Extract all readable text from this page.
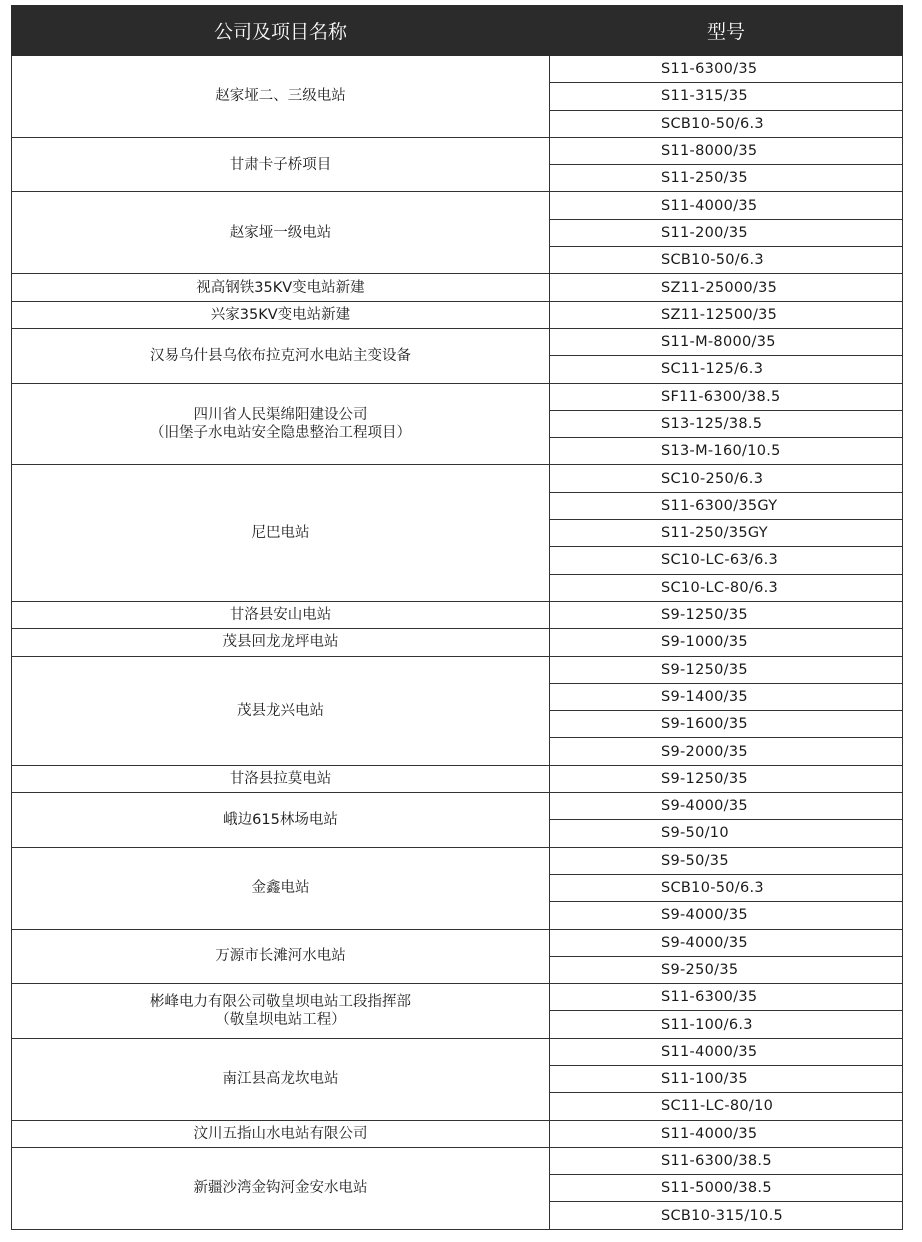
公司及项目名称	型号

赵家垭二、三级电站	S11-6300/35
	S11-315/35
	SCB10-50/6.3

甘肃卡子桥项目	S11-8000/35
	S11-250/35

赵家垭一级电站	S11-4000/35
	S11-200/35
	SCB10-50/6.3

视高钢铁35KV变电站新建	SZ11-25000/35

兴家35KV变电站新建	SZ11-12500/35

汉易乌什县乌依布拉克河水电站主变设备	S11-M-8000/35
	SC11-125/6.3

四川省人民渠绵阳建设公司
（旧堡子水电站安全隐患整治工程项目）	SF11-6300/38.5
	S13-125/38.5
	S13-M-160/10.5

尼巴电站	SC10-250/6.3
	S11-6300/35GY
	S11-250/35GY
	SC10-LC-63/6.3
	SC10-LC-80/6.3

甘洛县安山电站	S9-1250/35

茂县回龙龙坪电站	S9-1000/35

茂县龙兴电站	S9-1250/35
	S9-1400/35
	S9-1600/35
	S9-2000/35

甘洛县拉莫电站	S9-1250/35

峨边615林场电站	S9-4000/35
	S9-50/10

金鑫电站	S9-50/35
	SCB10-50/6.3
	S9-4000/35

万源市长滩河水电站	S9-4000/35
	S9-250/35

彬峰电力有限公司敬皇坝电站工段指挥部
（敬皇坝电站工程）	S11-6300/35
	S11-100/6.3

南江县高龙坎电站	S11-4000/35
	S11-100/35
	SC11-LC-80/10

汶川五指山水电站有限公司	S11-4000/35

新疆沙湾金钩河金安水电站	S11-6300/38.5
	S11-5000/38.5
	SCB10-315/10.5
